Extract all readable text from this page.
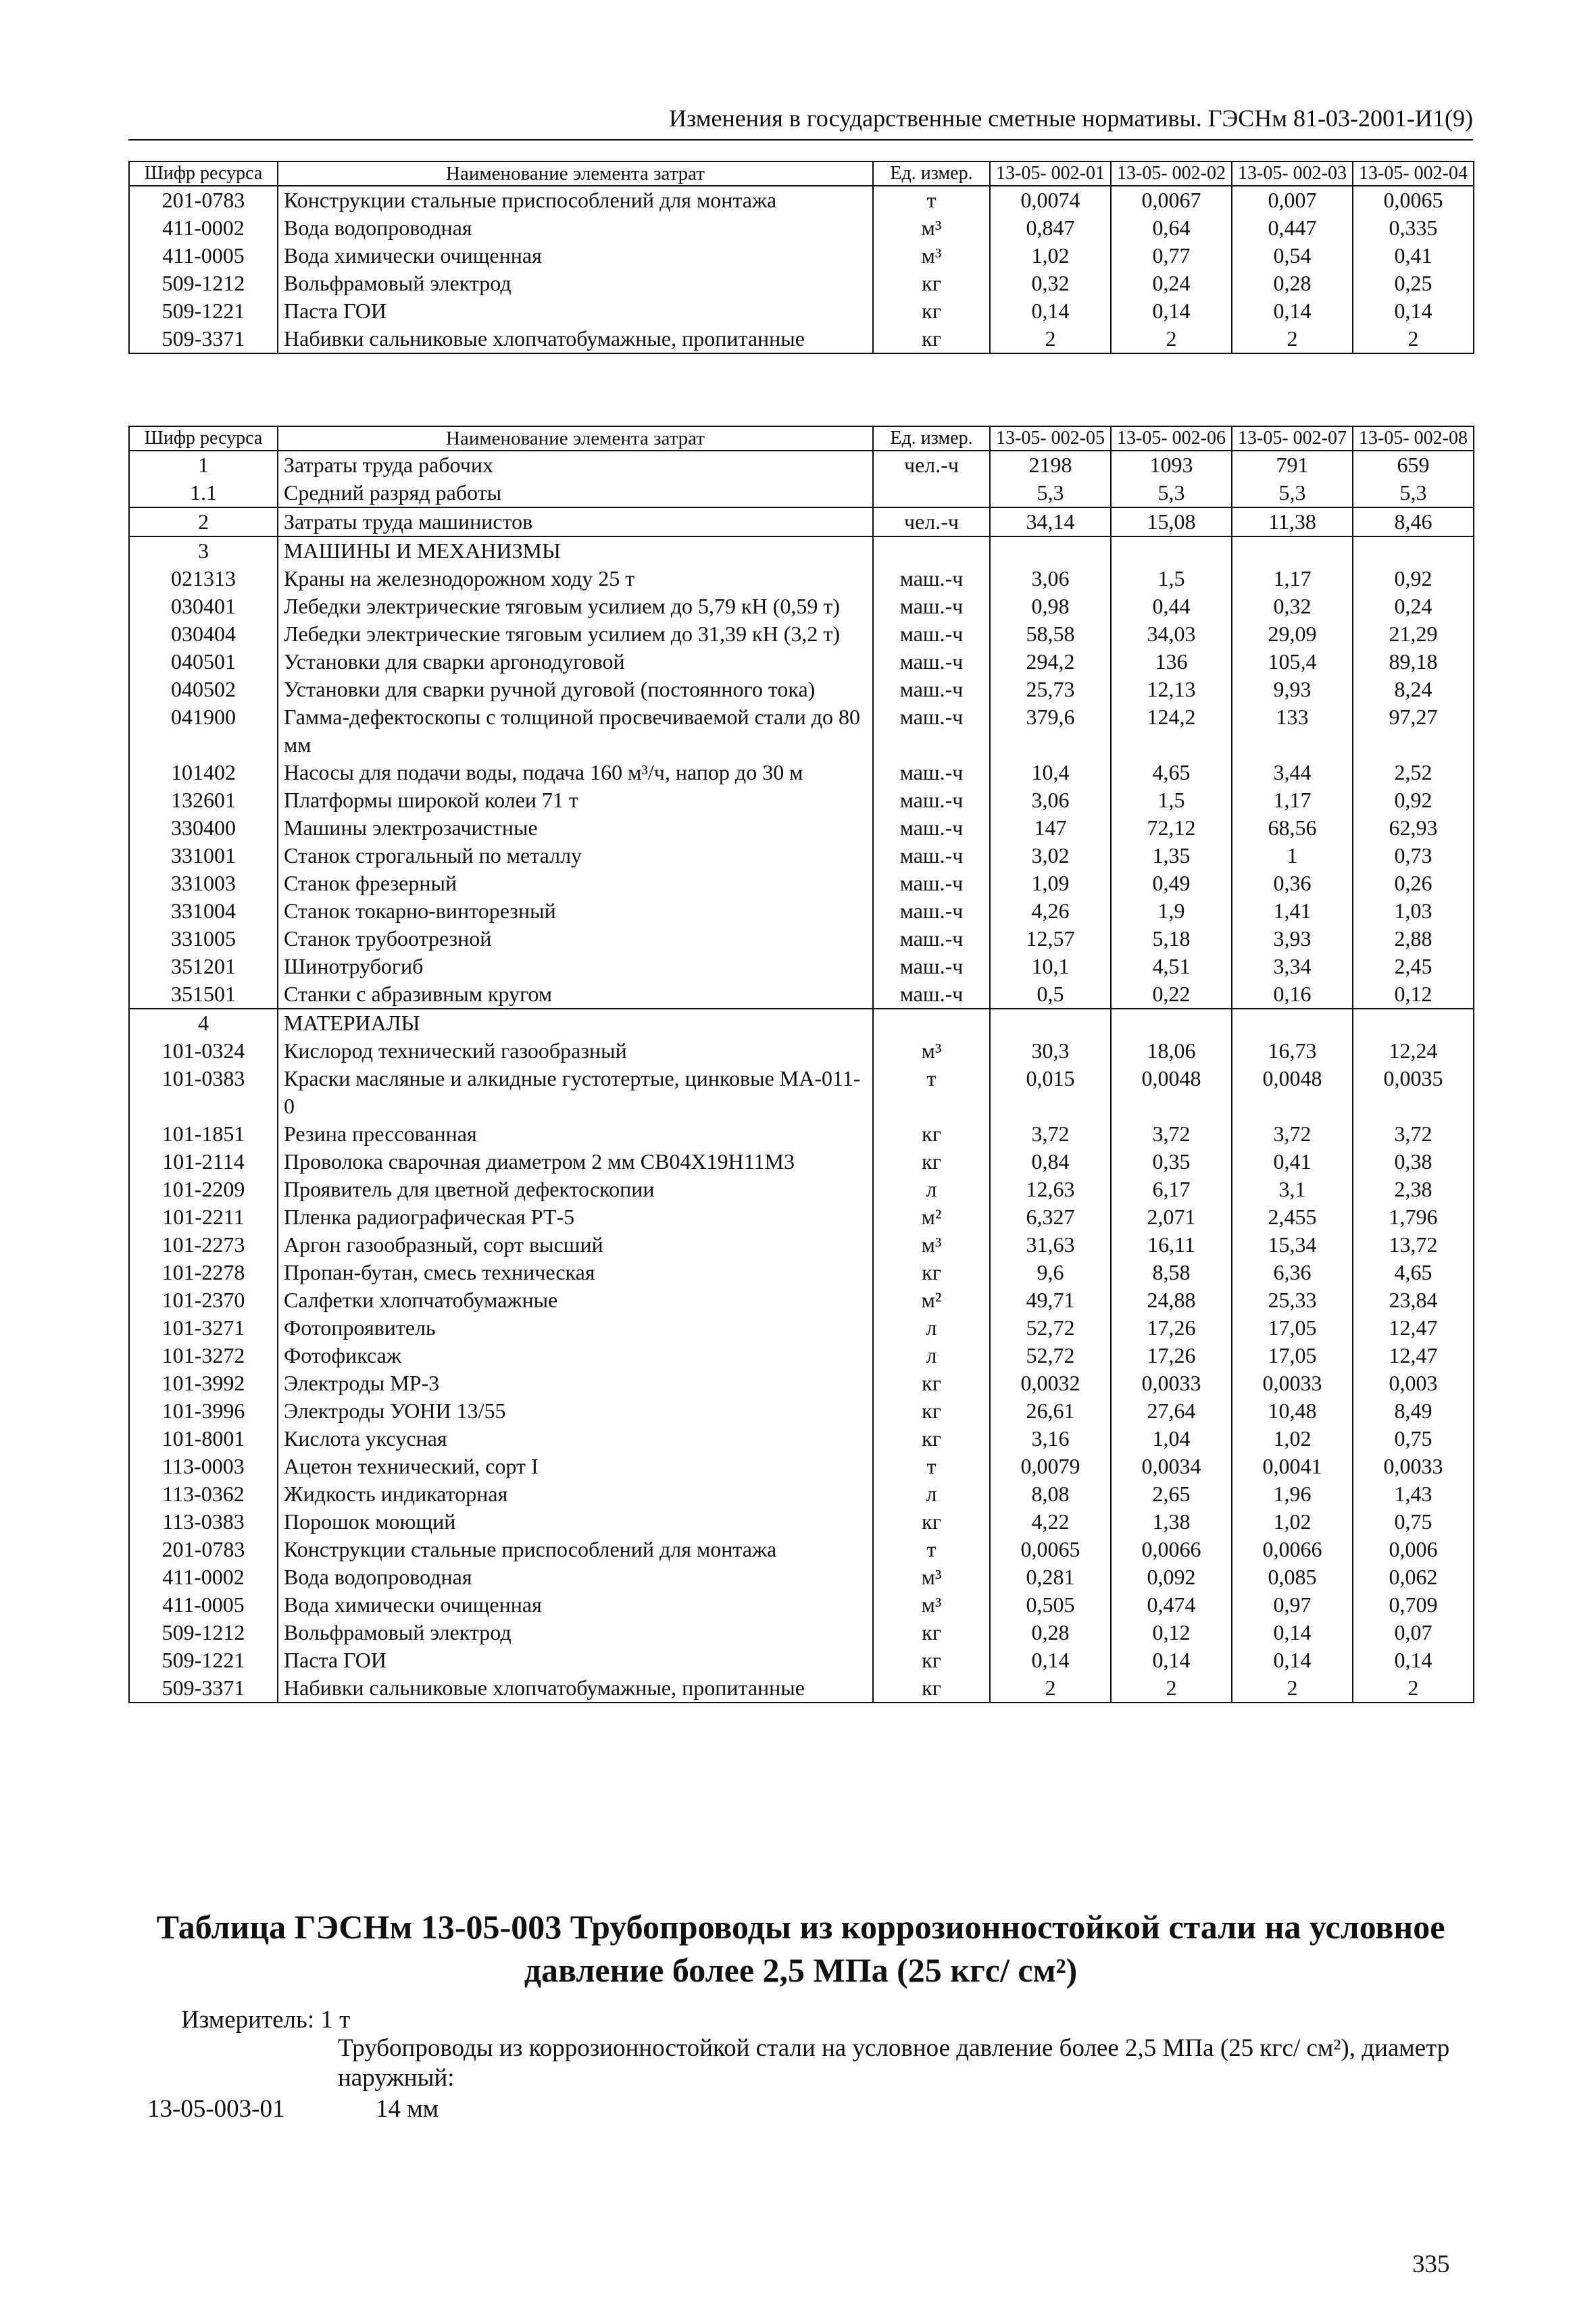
Изменения в государственные сметные нормативы. ГЭСНм 81-03-2001-И1(9)
Шифр ресурса	Наименование элемента затрат	Ед. измер.	13-05- 002-01	13-05- 002-02	13-05- 002-03	13-05- 002-04
201-0783	Конструкции стальные приспособлений для монтажа	т	0,0074	0,0067	0,007	0,0065
411-0002	Вода водопроводная	м³	0,847	0,64	0,447	0,335
411-0005	Вода химически очищенная	м³	1,02	0,77	0,54	0,41
509-1212	Вольфрамовый электрод	кг	0,32	0,24	0,28	0,25
509-1221	Паста ГОИ	кг	0,14	0,14	0,14	0,14
509-3371	Набивки сальниковые хлопчатобумажные, пропитанные	кг	2	2	2	2
Шифр ресурса	Наименование элемента затрат	Ед. измер.	13-05- 002-05	13-05- 002-06	13-05- 002-07	13-05- 002-08
1	Затраты труда рабочих	чел.-ч	2198	1093	791	659
1.1	Средний разряд работы		5,3	5,3	5,3	5,3
2	Затраты труда машинистов	чел.-ч	34,14	15,08	11,38	8,46
3	МАШИНЫ И МЕХАНИЗМЫ					
021313	Краны на железнодорожном ходу 25 т	маш.-ч	3,06	1,5	1,17	0,92
030401	Лебедки электрические тяговым усилием до 5,79 кН (0,59 т)	маш.-ч	0,98	0,44	0,32	0,24
030404	Лебедки электрические тяговым усилием до 31,39 кН (3,2 т)	маш.-ч	58,58	34,03	29,09	21,29
040501	Установки для сварки аргонодуговой	маш.-ч	294,2	136	105,4	89,18
040502	Установки для сварки ручной дуговой (постоянного тока)	маш.-ч	25,73	12,13	9,93	8,24
041900	Гамма-дефектоскопы с толщиной просвечиваемой стали до 80 мм	маш.-ч	379,6	124,2	133	97,27
101402	Насосы для подачи воды, подача 160 м³/ч, напор до 30 м	маш.-ч	10,4	4,65	3,44	2,52
132601	Платформы широкой колеи 71 т	маш.-ч	3,06	1,5	1,17	0,92
330400	Машины электрозачистные	маш.-ч	147	72,12	68,56	62,93
331001	Станок строгальный по металлу	маш.-ч	3,02	1,35	1	0,73
331003	Станок фрезерный	маш.-ч	1,09	0,49	0,36	0,26
331004	Станок токарно-винторезный	маш.-ч	4,26	1,9	1,41	1,03
331005	Станок трубоотрезной	маш.-ч	12,57	5,18	3,93	2,88
351201	Шинотрубогиб	маш.-ч	10,1	4,51	3,34	2,45
351501	Станки с абразивным кругом	маш.-ч	0,5	0,22	0,16	0,12
4	МАТЕРИАЛЫ					
101-0324	Кислород технический газообразный	м³	30,3	18,06	16,73	12,24
101-0383	Краски масляные и алкидные густотертые, цинковые МА-011-0	т	0,015	0,0048	0,0048	0,0035
101-1851	Резина прессованная	кг	3,72	3,72	3,72	3,72
101-2114	Проволока сварочная диаметром 2 мм СВ04Х19Н11М3	кг	0,84	0,35	0,41	0,38
101-2209	Проявитель для цветной дефектоскопии	л	12,63	6,17	3,1	2,38
101-2211	Пленка радиографическая РТ-5	м²	6,327	2,071	2,455	1,796
101-2273	Аргон газообразный, сорт высший	м³	31,63	16,11	15,34	13,72
101-2278	Пропан-бутан, смесь техническая	кг	9,6	8,58	6,36	4,65
101-2370	Салфетки хлопчатобумажные	м²	49,71	24,88	25,33	23,84
101-3271	Фотопроявитель	л	52,72	17,26	17,05	12,47
101-3272	Фотофиксаж	л	52,72	17,26	17,05	12,47
101-3992	Электроды МР-3	кг	0,0032	0,0033	0,0033	0,003
101-3996	Электроды УОНИ 13/55	кг	26,61	27,64	10,48	8,49
101-8001	Кислота уксусная	кг	3,16	1,04	1,02	0,75
113-0003	Ацетон технический, сорт I	т	0,0079	0,0034	0,0041	0,0033
113-0362	Жидкость индикаторная	л	8,08	2,65	1,96	1,43
113-0383	Порошок моющий	кг	4,22	1,38	1,02	0,75
201-0783	Конструкции стальные приспособлений для монтажа	т	0,0065	0,0066	0,0066	0,006
411-0002	Вода водопроводная	м³	0,281	0,092	0,085	0,062
411-0005	Вода химически очищенная	м³	0,505	0,474	0,97	0,709
509-1212	Вольфрамовый электрод	кг	0,28	0,12	0,14	0,07
509-1221	Паста ГОИ	кг	0,14	0,14	0,14	0,14
509-3371	Набивки сальниковые хлопчатобумажные, пропитанные	кг	2	2	2	2
Таблица ГЭСНм 13-05-003 Трубопроводы из коррозионностойкой стали на условное давление более 2,5 МПа (25 кгс/ см²)
Измеритель: 1 т
Трубопроводы из коррозионностойкой стали на условное давление более 2,5 МПа (25 кгс/ см²), диаметр наружный:
13-05-003-01	14 мм
335
